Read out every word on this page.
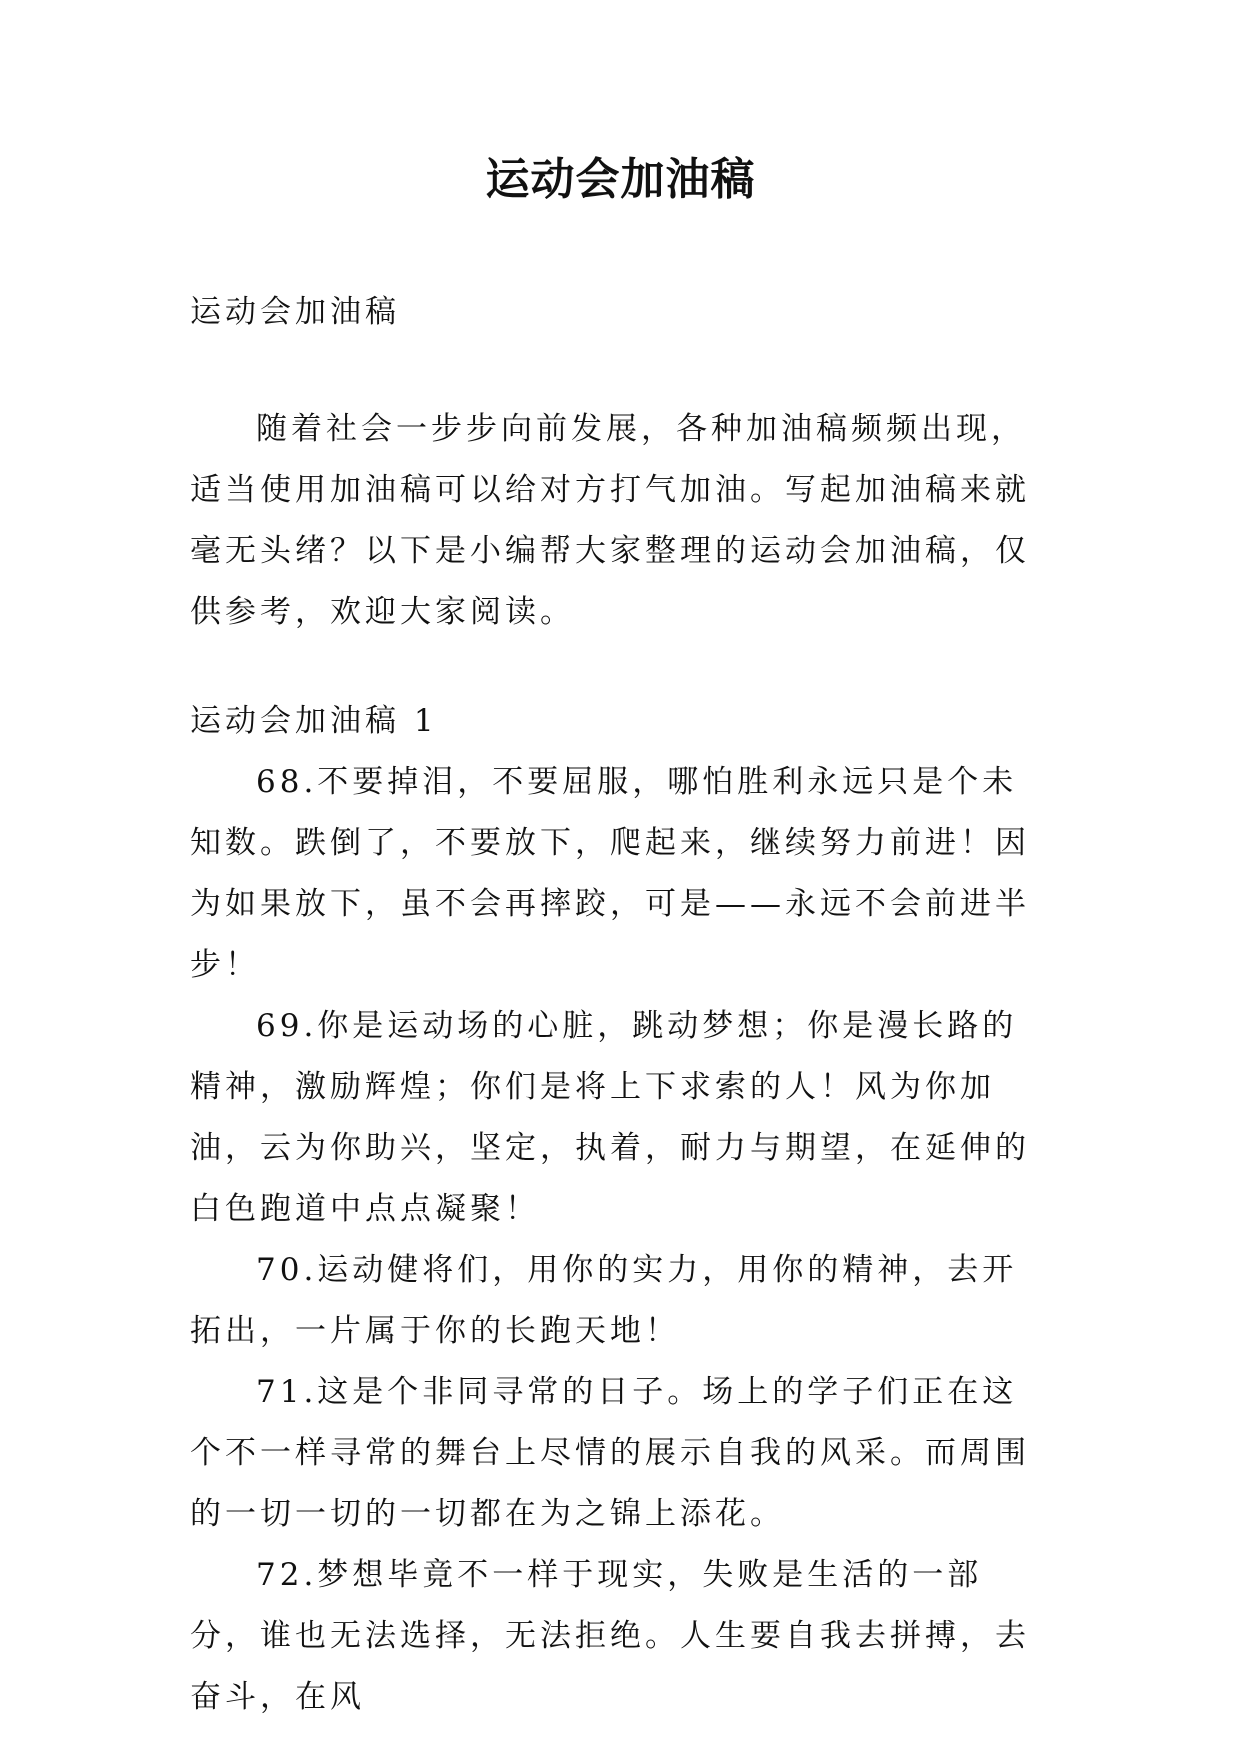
运动会加油稿

运动会加油稿

随着社会一步步向前发展，各种加油稿频频出现，适当使用加油稿可以给对方打气加油。写起加油稿来就毫无头绪？以下是小编帮大家整理的运动会加油稿，仅供参考，欢迎大家阅读。

运动会加油稿 1

68.不要掉泪，不要屈服，哪怕胜利永远只是个未知数。跌倒了，不要放下，爬起来，继续努力前进！因为如果放下，虽不会再摔跤，可是——永远不会前进半步！

69.你是运动场的心脏，跳动梦想；你是漫长路的精神，激励辉煌；你们是将上下求索的人！风为你加油，云为你助兴，坚定，执着，耐力与期望，在延伸的白色跑道中点点凝聚！

70.运动健将们，用你的实力，用你的精神，去开拓出，一片属于你的长跑天地！

71.这是个非同寻常的日子。场上的学子们正在这个不一样寻常的舞台上尽情的展示自我的风采。而周围的一切一切的一切都在为之锦上添花。

72.梦想毕竟不一样于现实，失败是生活的一部分，谁也无法选择，无法拒绝。人生要自我去拼搏，去奋斗，在风
